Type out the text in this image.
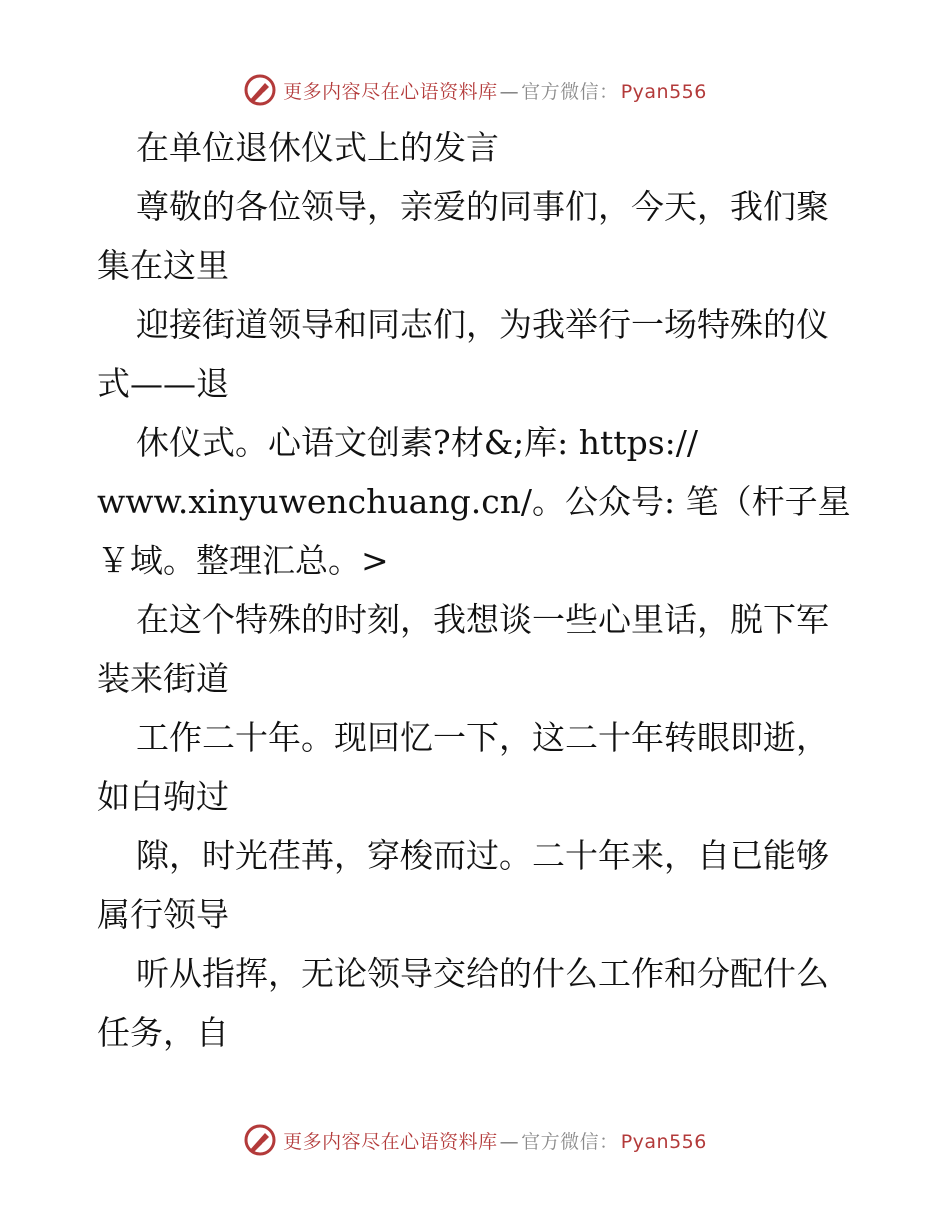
更多内容尽在心语资料库 — 官方微信： Pyan556

在单位退休仪式上的发言

尊敬的各位领导，亲爱的同事们，今天，我们聚

集在这里

迎接街道领导和同志们，为我举行一场特殊的仪

式——退

休仪式。心语文创素?材&;库: https://

www.xinyuwenchuang.cn/。公众号: 笔（杆子星

￥域。整理汇总。>

在这个特殊的时刻，我想谈一些心里话，脱下军

装来街道

工作二十年。现回忆一下，这二十年转眼即逝，

如白驹过

隙，时光荏苒，穿梭而过。二十年来，自已能够

属行领导

听从指挥，无论领导交给的什么工作和分配什么

任务，自

更多内容尽在心语资料库 — 官方微信： Pyan556
